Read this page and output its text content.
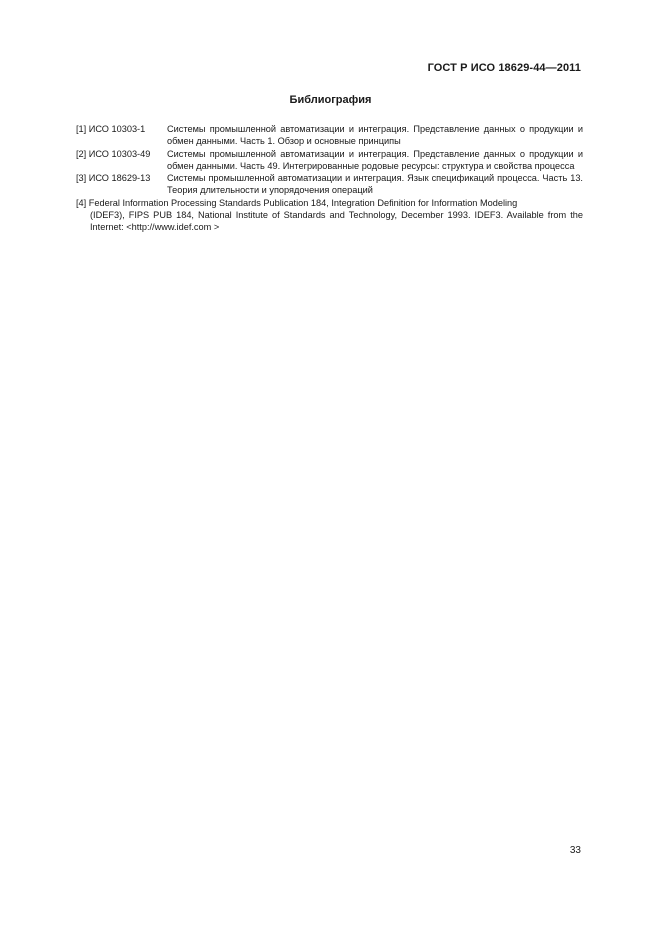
ГОСТ Р ИСО 18629-44—2011
Библиография
[1] ИСО 10303-1	Системы промышленной автоматизации и интеграция. Представление данных о продукции и обмен данными. Часть 1. Обзор и основные принципы
[2] ИСО 10303-49	Системы промышленной автоматизации и интеграция. Представление данных о продукции и обмен данными. Часть 49. Интегрированные родовые ресурсы: структура и свойства процесса
[3] ИСО 18629-13	Системы промышленной автоматизации и интеграция. Язык спецификаций процесса. Часть 13. Теория длительности и упорядочения операций
[4] Federal Information Processing Standards Publication 184, Integration Definition for Information Modeling
(IDEF3), FIPS PUB 184, National Institute of Standards and Technology, December 1993. IDEF3. Available from the Internet: <http://www.idef.com >
33
